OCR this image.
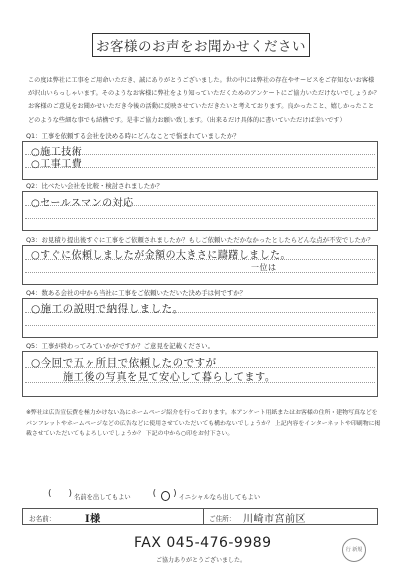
お客様のお声をお聞かせください

この度は弊社に工事をご用命いただき、誠にありがとうございました。世の中には弊社の存在やサービスをご存知ないお客様が沢山いらっしゃいます。そのようなお客様に弊社をより知っていただくためのアンケートにご協力いただけないでしょうか？ お客様のご意見をお聞かせいただき今後の活動に反映させていただきたいと考えております。良かったこと、嬉しかったことどのような些細な事でも結構です。是非ご協力お願い致します。（出来るだけ具体的に書いていただけば幸いです）

Q1：工事を依頼する会社を決める時にどんなことで悩まれていましたか？
○施工技術
○工事工費
Q2：比べたい会社を比較・検討されましたか？
○セールスマンの対応
Q3：お見積り提出後すぐに工事をご依頼されましたか？もしご依頼いただかなかったとしたらどんな点が不安でしたか？
○すぐに依頼しましたが金額の大きさに躊躇しました。
一位は
Q4：数ある会社の中から当社に工事をご依頼いただいた決め手は何ですか？
○施工の説明で納得しました。
Q5：工事が終わってみていかがですか？ご意見を記載ください。
○今回で五ヶ所目で依頼したのですが
施工後の写真を見て安心して暮らしてます。

※弊社は広告宣伝費を極力かけない為にホームページ紹介を行っております。本アンケート用紙またはお客様の住所・建物写真などをパンフレットやホームページなどの広告などに使用させていただいても構わないでしょうか？ 上記内容をインターネットや印刷物に掲載させていただいてもよろしいでしょうか？ 下記の中から○印をお付下さい。

( )
名前を出してもよい (
)	イニシャルなら出してもよい
お名前：	I様	ご住所： 川崎市宮前区
FAX 045-476-9989
ご協力ありがとうございました。
行 新規
